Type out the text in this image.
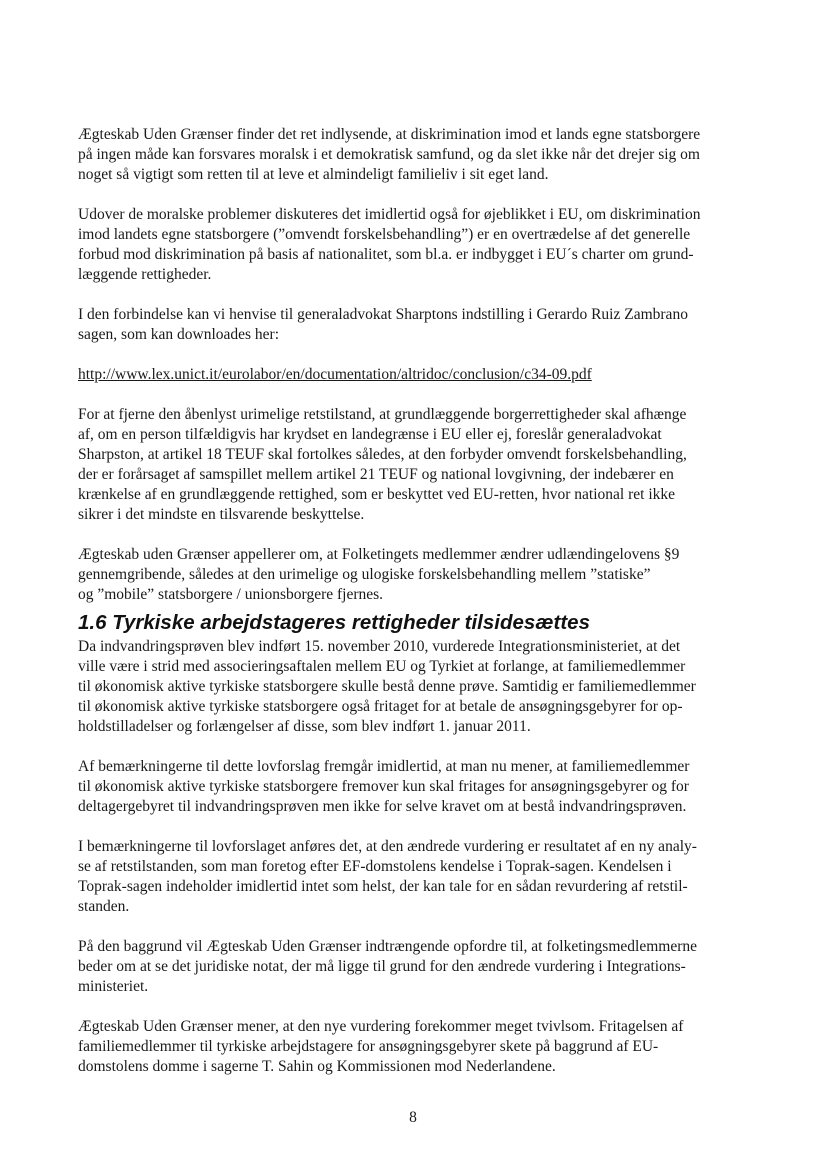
Ægteskab Uden Grænser finder det ret indlysende, at diskrimination imod et lands egne statsborgere
på ingen måde kan forsvares moralsk i et demokratisk samfund, og da slet ikke når det drejer sig om
noget så vigtigt som retten til at leve et almindeligt familieliv i sit eget land.

Udover de moralske problemer diskuteres det imidlertid også for øjeblikket i EU, om diskrimination
imod landets egne statsborgere (”omvendt forskelsbehandling”) er en overtrædelse af det generelle
forbud mod diskrimination på basis af nationalitet, som bl.a. er indbygget i EU´s charter om grund-
læggende rettigheder.

I den forbindelse kan vi henvise til generaladvokat Sharptons indstilling i Gerardo Ruiz Zambrano
sagen, som kan downloades her:

http://www.lex.unict.it/eurolabor/en/documentation/altridoc/conclusion/c34-09.pdf

For at fjerne den åbenlyst urimelige retstilstand, at grundlæggende borgerrettigheder skal afhænge
af, om en person tilfældigvis har krydset en landegrænse i EU eller ej, foreslår generaladvokat
Sharpston, at artikel 18 TEUF skal fortolkes således, at den forbyder omvendt forskelsbehandling,
der er forårsaget af samspillet mellem artikel 21 TEUF og national lovgivning, der indebærer en
krænkelse af en grundlæggende rettighed, som er beskyttet ved EU-retten, hvor national ret ikke
sikrer i det mindste en tilsvarende beskyttelse.

Ægteskab uden Grænser appellerer om, at Folketingets medlemmer ændrer udlændingelovens §9
gennemgribende, således at den urimelige og ulogiske forskelsbehandling mellem ”statiske”
og ”mobile” statsborgere / unionsborgere fjernes.

1.6 Tyrkiske arbejdstageres rettigheder tilsidesættes

Da indvandringsprøven blev indført 15. november 2010, vurderede Integrationsministeriet, at det
ville være i strid med associeringsaftalen mellem EU og Tyrkiet at forlange, at familiemedlemmer
til økonomisk aktive tyrkiske statsborgere skulle bestå denne prøve. Samtidig er familiemedlemmer
til økonomisk aktive tyrkiske statsborgere også fritaget for at betale de ansøgningsgebyrer for op-
holdstilladelser og forlængelser af disse, som blev indført 1. januar 2011.

Af bemærkningerne til dette lovforslag fremgår imidlertid, at man nu mener, at familiemedlemmer
til økonomisk aktive tyrkiske statsborgere fremover kun skal fritages for ansøgningsgebyrer og for
deltagergebyret til indvandringsprøven men ikke for selve kravet om at bestå indvandringsprøven.

I bemærkningerne til lovforslaget anføres det, at den ændrede vurdering er resultatet af en ny analy-
se af retstilstanden, som man foretog efter EF-domstolens kendelse i Toprak-sagen. Kendelsen i
Toprak-sagen indeholder imidlertid intet som helst, der kan tale for en sådan revurdering af retstil-
standen.

På den baggrund vil Ægteskab Uden Grænser indtrængende opfordre til, at folketingsmedlemmerne
beder om at se det juridiske notat, der må ligge til grund for den ændrede vurdering i Integrations-
ministeriet.

Ægteskab Uden Grænser mener, at den nye vurdering forekommer meget tvivlsom. Fritagelsen af
familiemedlemmer til tyrkiske arbejdstagere for ansøgningsgebyrer skete på baggrund af EU-
domstolens domme i sagerne T. Sahin og Kommissionen mod Nederlandene.

8
